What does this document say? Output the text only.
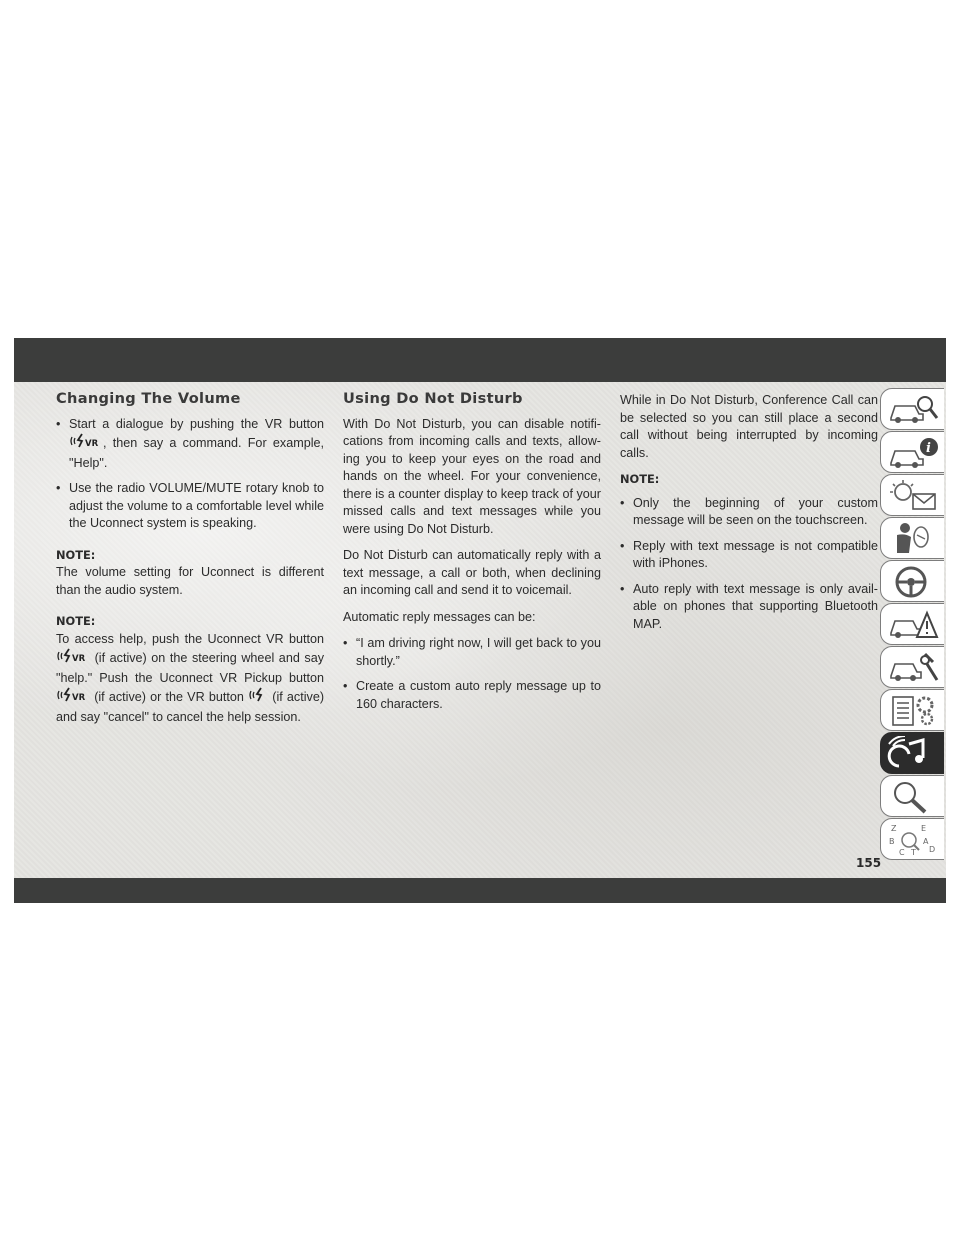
Changing The Volume
• Start a dialogue by pushing the VR button
VR , then say a command. For example, "Help".
• Use the radio VOLUME/MUTE rotary knob to adjust the volume to a comfortable level while the Uconnect system is speaking.
NOTE:

The volume setting for Uconnect is different than the audio system.

NOTE:

To access help, push the Uconnect VR button
VR (if active) on the steering wheel and say "help." Push the Uconnect VR Pickup button
VR (if active) or the VR button (if active) and say "cancel" to cancel the help session.

Using Do Not Disturb

With Do Not Disturb, you can disable notifi-cations from incoming calls and texts, allow-ing you to keep your eyes on the road and hands on the wheel. For your convenience, there is a counter display to keep track of your missed calls and text messages while you were using Do Not Disturb.

Do Not Disturb can automatically reply with a text message, a call or both, when declining an incoming call and send it to voicemail.

Automatic reply messages can be:

• “I am driving right now, I will get back to you shortly.”
• Create a custom auto reply message up to 160 characters.

While in Do Not Disturb, Conference Call can be selected so you can still place a second call without being interrupted by incoming calls.

NOTE:
• Only the beginning of your custom message will be seen on the touchscreen.
• Reply with text message is not compatible with iPhones.
• Auto reply with text message is only avail-able on phones that supporting Bluetooth MAP.
i
Z	E
B	A
C T D
155
